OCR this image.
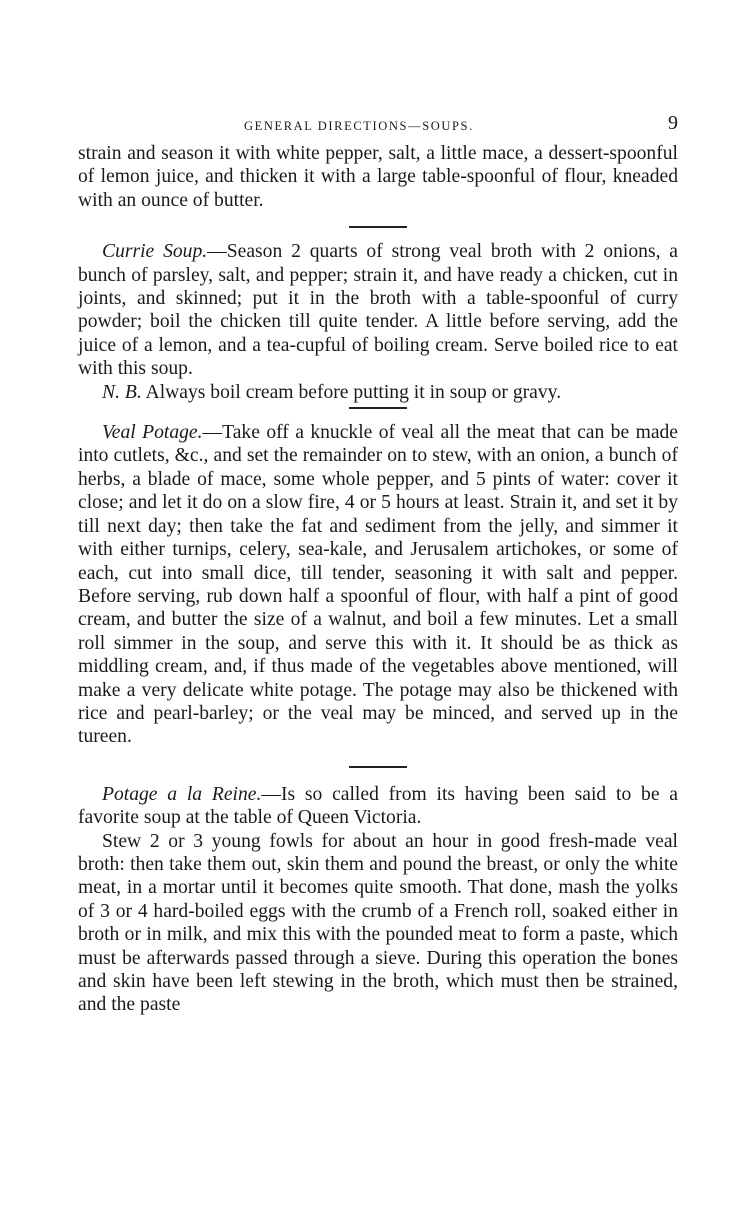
GENERAL DIRECTIONS—SOUPS.	9

strain and season it with white pepper, salt, a little mace, a dessert-spoonful of lemon juice, and thicken it with a large table-spoonful of flour, kneaded with an ounce of butter.

Currie Soup.—Season 2 quarts of strong veal broth with 2 onions, a bunch of parsley, salt, and pepper; strain it, and have ready a chicken, cut in joints, and skinned; put it in the broth with a table-spoonful of curry powder; boil the chicken till quite tender. A little before serving, add the juice of a lemon, and a tea-cupful of boiling cream. Serve boiled rice to eat with this soup.

N. B. Always boil cream before putting it in soup or gravy.

Veal Potage.—Take off a knuckle of veal all the meat that can be made into cutlets, &c., and set the remainder on to stew, with an onion, a bunch of herbs, a blade of mace, some whole pepper, and 5 pints of water: cover it close; and let it do on a slow fire, 4 or 5 hours at least. Strain it, and set it by till next day; then take the fat and sediment from the jelly, and simmer it with either turnips, celery, sea-kale, and Jerusalem artichokes, or some of each, cut into small dice, till tender, seasoning it with salt and pepper. Before serving, rub down half a spoonful of flour, with half a pint of good cream, and butter the size of a walnut, and boil a few minutes. Let a small roll simmer in the soup, and serve this with it. It should be as thick as middling cream, and, if thus made of the vegetables above mentioned, will make a very delicate white potage. The potage may also be thickened with rice and pearl-barley; or the veal may be minced, and served up in the tureen.

Potage a la Reine.—Is so called from its having been said to be a favorite soup at the table of Queen Victoria.

Stew 2 or 3 young fowls for about an hour in good fresh-made veal broth: then take them out, skin them and pound the breast, or only the white meat, in a mortar until it becomes quite smooth. That done, mash the yolks of 3 or 4 hard-boiled eggs with the crumb of a French roll, soaked either in broth or in milk, and mix this with the pounded meat to form a paste, which must be afterwards passed through a sieve. During this operation the bones and skin have been left stewing in the broth, which must then be strained, and the paste
